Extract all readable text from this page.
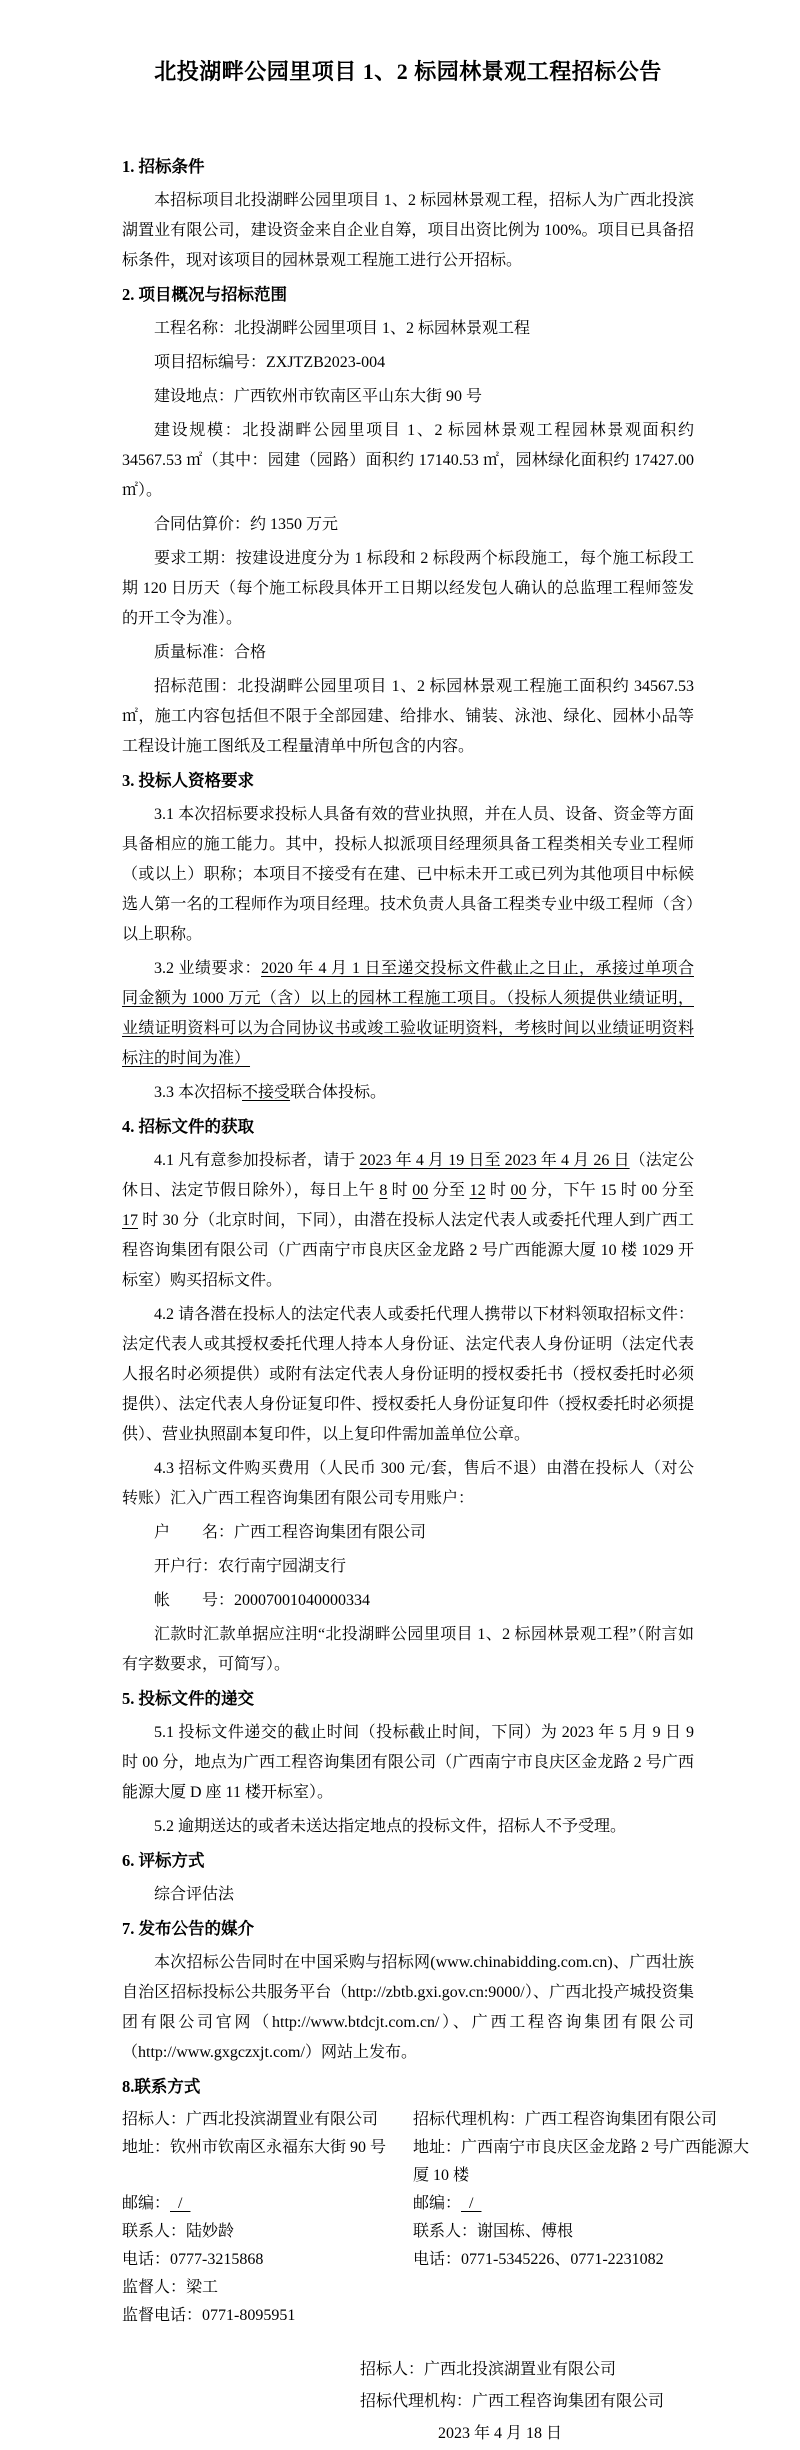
北投湖畔公园里项目 1、2 标园林景观工程招标公告
1. 招标条件

本招标项目北投湖畔公园里项目 1、2 标园林景观工程，招标人为广西北投滨湖置业有限公司，建设资金来自企业自筹，项目出资比例为 100%。项目已具备招标条件，现对该项目的园林景观工程施工进行公开招标。

2. 项目概况与招标范围

工程名称：北投湖畔公园里项目 1、2 标园林景观工程

项目招标编号：ZXJTZB2023-004

建设地点：广西钦州市钦南区平山东大街 90 号

建设规模：北投湖畔公园里项目 1、2 标园林景观工程园林景观面积约 34567.53 ㎡（其中：园建（园路）面积约 17140.53 ㎡，园林绿化面积约 17427.00 ㎡）。

合同估算价：约 1350 万元

要求工期：按建设进度分为 1 标段和 2 标段两个标段施工，每个施工标段工期 120 日历天（每个施工标段具体开工日期以经发包人确认的总监理工程师签发的开工令为准）。

质量标准：合格

招标范围：北投湖畔公园里项目 1、2 标园林景观工程施工面积约 34567.53 ㎡，施工内容包括但不限于全部园建、给排水、铺装、泳池、绿化、园林小品等工程设计施工图纸及工程量清单中所包含的内容。

3. 投标人资格要求

3.1 本次招标要求投标人具备有效的营业执照，并在人员、设备、资金等方面具备相应的施工能力。其中，投标人拟派项目经理须具备工程类相关专业工程师（或以上）职称；本项目不接受有在建、已中标未开工或已列为其他项目中标候选人第一名的工程师作为项目经理。技术负责人具备工程类专业中级工程师（含）以上职称。

3.2 业绩要求：2020 年 4 月 1 日至递交投标文件截止之日止，承接过单项合同金额为 1000 万元（含）以上的园林工程施工项目。（投标人须提供业绩证明，业绩证明资料可以为合同协议书或竣工验收证明资料，考核时间以业绩证明资料标注的时间为准）

3.3 本次招标不接受联合体投标。

4. 招标文件的获取

4.1 凡有意参加投标者，请于 2023 年 4 月 19 日至 2023 年 4 月 26 日（法定公休日、法定节假日除外），每日上午 8 时 00 分至 12 时 00 分，下午 15 时 00 分至 17 时 30 分（北京时间，下同），由潜在投标人法定代表人或委托代理人到广西工程咨询集团有限公司（广西南宁市良庆区金龙路 2 号广西能源大厦 10 楼 1029 开标室）购买招标文件。

4.2 请各潜在投标人的法定代表人或委托代理人携带以下材料领取招标文件：法定代表人或其授权委托代理人持本人身份证、法定代表人身份证明（法定代表人报名时必须提供）或附有法定代表人身份证明的授权委托书（授权委托时必须提供）、法定代表人身份证复印件、授权委托人身份证复印件（授权委托时必须提供）、营业执照副本复印件，以上复印件需加盖单位公章。

4.3 招标文件购买费用（人民币 300 元/套，售后不退）由潜在投标人（对公转账）汇入广西工程咨询集团有限公司专用账户：

户　　名：广西工程咨询集团有限公司

开户行：农行南宁园湖支行

帐　　号：20007001040000334

汇款时汇款单据应注明“北投湖畔公园里项目 1、2 标园林景观工程”（附言如有字数要求，可简写）。

5. 投标文件的递交

5.1 投标文件递交的截止时间（投标截止时间，下同）为 2023 年 5 月 9 日 9 时 00 分，地点为广西工程咨询集团有限公司（广西南宁市良庆区金龙路 2 号广西能源大厦 D 座 11 楼开标室）。

5.2 逾期送达的或者未送达指定地点的投标文件，招标人不予受理。

6. 评标方式

综合评估法

7. 发布公告的媒介

本次招标公告同时在中国采购与招标网(www.chinabidding.com.cn)、广西壮族自治区招标投标公共服务平台（http://zbtb.gxi.gov.cn:9000/）、广西北投产城投资集团有限公司官网（http://www.btdcjt.com.cn/）、广西工程咨询集团有限公司（http://www.gxgczxjt.com/）网站上发布。

8.联系方式
招标人：广西北投滨湖置业有限公司	招标代理机构：广西工程咨询集团有限公司
地址：钦州市钦南区永福东大街 90 号	地址：广西南宁市良庆区金龙路 2 号广西能源大厦 10 楼
邮编：  /	邮编：  /
联系人：陆妙龄	联系人：谢国栋、傅根
电话：0777-3215868	电话：0771-5345226、0771-2231082
监督人：梁工
监督电话：0771-8095951

招标人：广西北投滨湖置业有限公司

招标代理机构：广西工程咨询集团有限公司

2023 年 4 月 18 日
